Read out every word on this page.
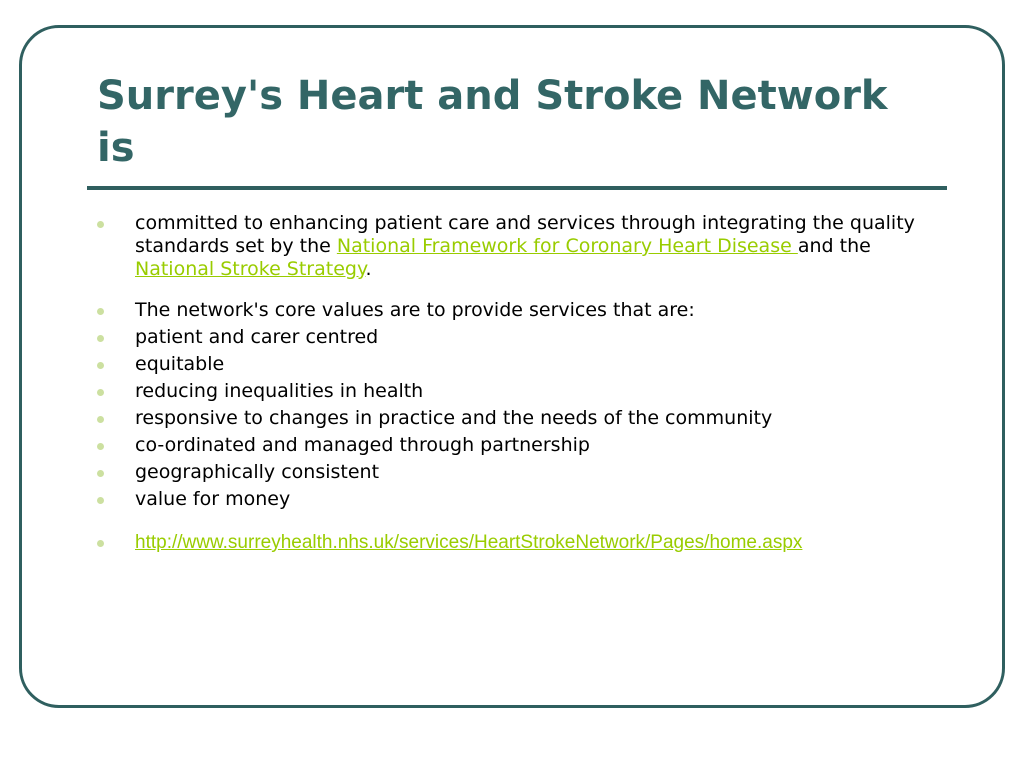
Surrey's Heart and Stroke Network is
committed to enhancing patient care and services through integrating the quality standards set by the National Framework for Coronary Heart Disease and the National Stroke Strategy.
The network's core values are to provide services that are:
patient and carer centred
equitable
reducing inequalities in health
responsive to changes in practice and the needs of the community
co-ordinated and managed through partnership
geographically consistent
value for money
http://www.surreyhealth.nhs.uk/services/HeartStrokeNetwork/Pages/home.aspx
